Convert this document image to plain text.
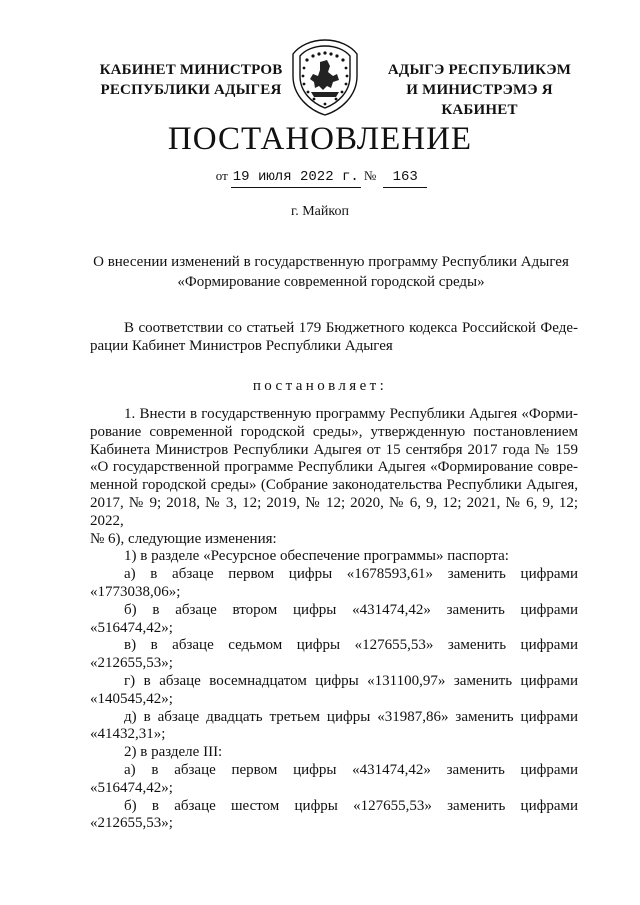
КАБИНЕТ МИНИСТРОВ
РЕСПУБЛИКИ АДЫГЕЯ
АДЫГЭ РЕСПУБЛИКЭМ
И МИНИСТРЭМЭ Я КАБИНЕТ
ПОСТАНОВЛЕНИЕ
от 19 июля 2022 г. № 163
г. Майкоп
О внесении изменений в государственную программу Республики Адыгея
«Формирование современной городской среды»
В соответствии со статьей 179 Бюджетного кодекса Российской Феде-
рации Кабинет Министров Республики Адыгея
постановляет:
1. Внести в государственную программу Республики Адыгея «Форми-
рование современной городской среды», утвержденную постановлением
Кабинета Министров Республики Адыгея от 15 сентября 2017 года № 159
«О государственной программе Республики Адыгея «Формирование совре-
менной городской среды» (Собрание законодательства Республики Адыгея,
2017, № 9; 2018, № 3, 12; 2019, № 12; 2020, № 6, 9, 12; 2021, № 6, 9, 12; 2022,
№ 6), следующие изменения:
1) в разделе «Ресурсное обеспечение программы» паспорта:
а) в абзаце первом цифры «1678593,61» заменить цифрами
«1773038,06»;
б) в абзаце втором цифры «431474,42» заменить цифрами
«516474,42»;
в) в абзаце седьмом цифры «127655,53» заменить цифрами
«212655,53»;
г) в абзаце восемнадцатом цифры «131100,97» заменить цифрами
«140545,42»;
д) в абзаце двадцать третьем цифры «31987,86» заменить цифрами
«41432,31»;
2) в разделе III:
а) в абзаце первом цифры «431474,42» заменить цифрами
«516474,42»;
б) в абзаце шестом цифры «127655,53» заменить цифрами
«212655,53»;
